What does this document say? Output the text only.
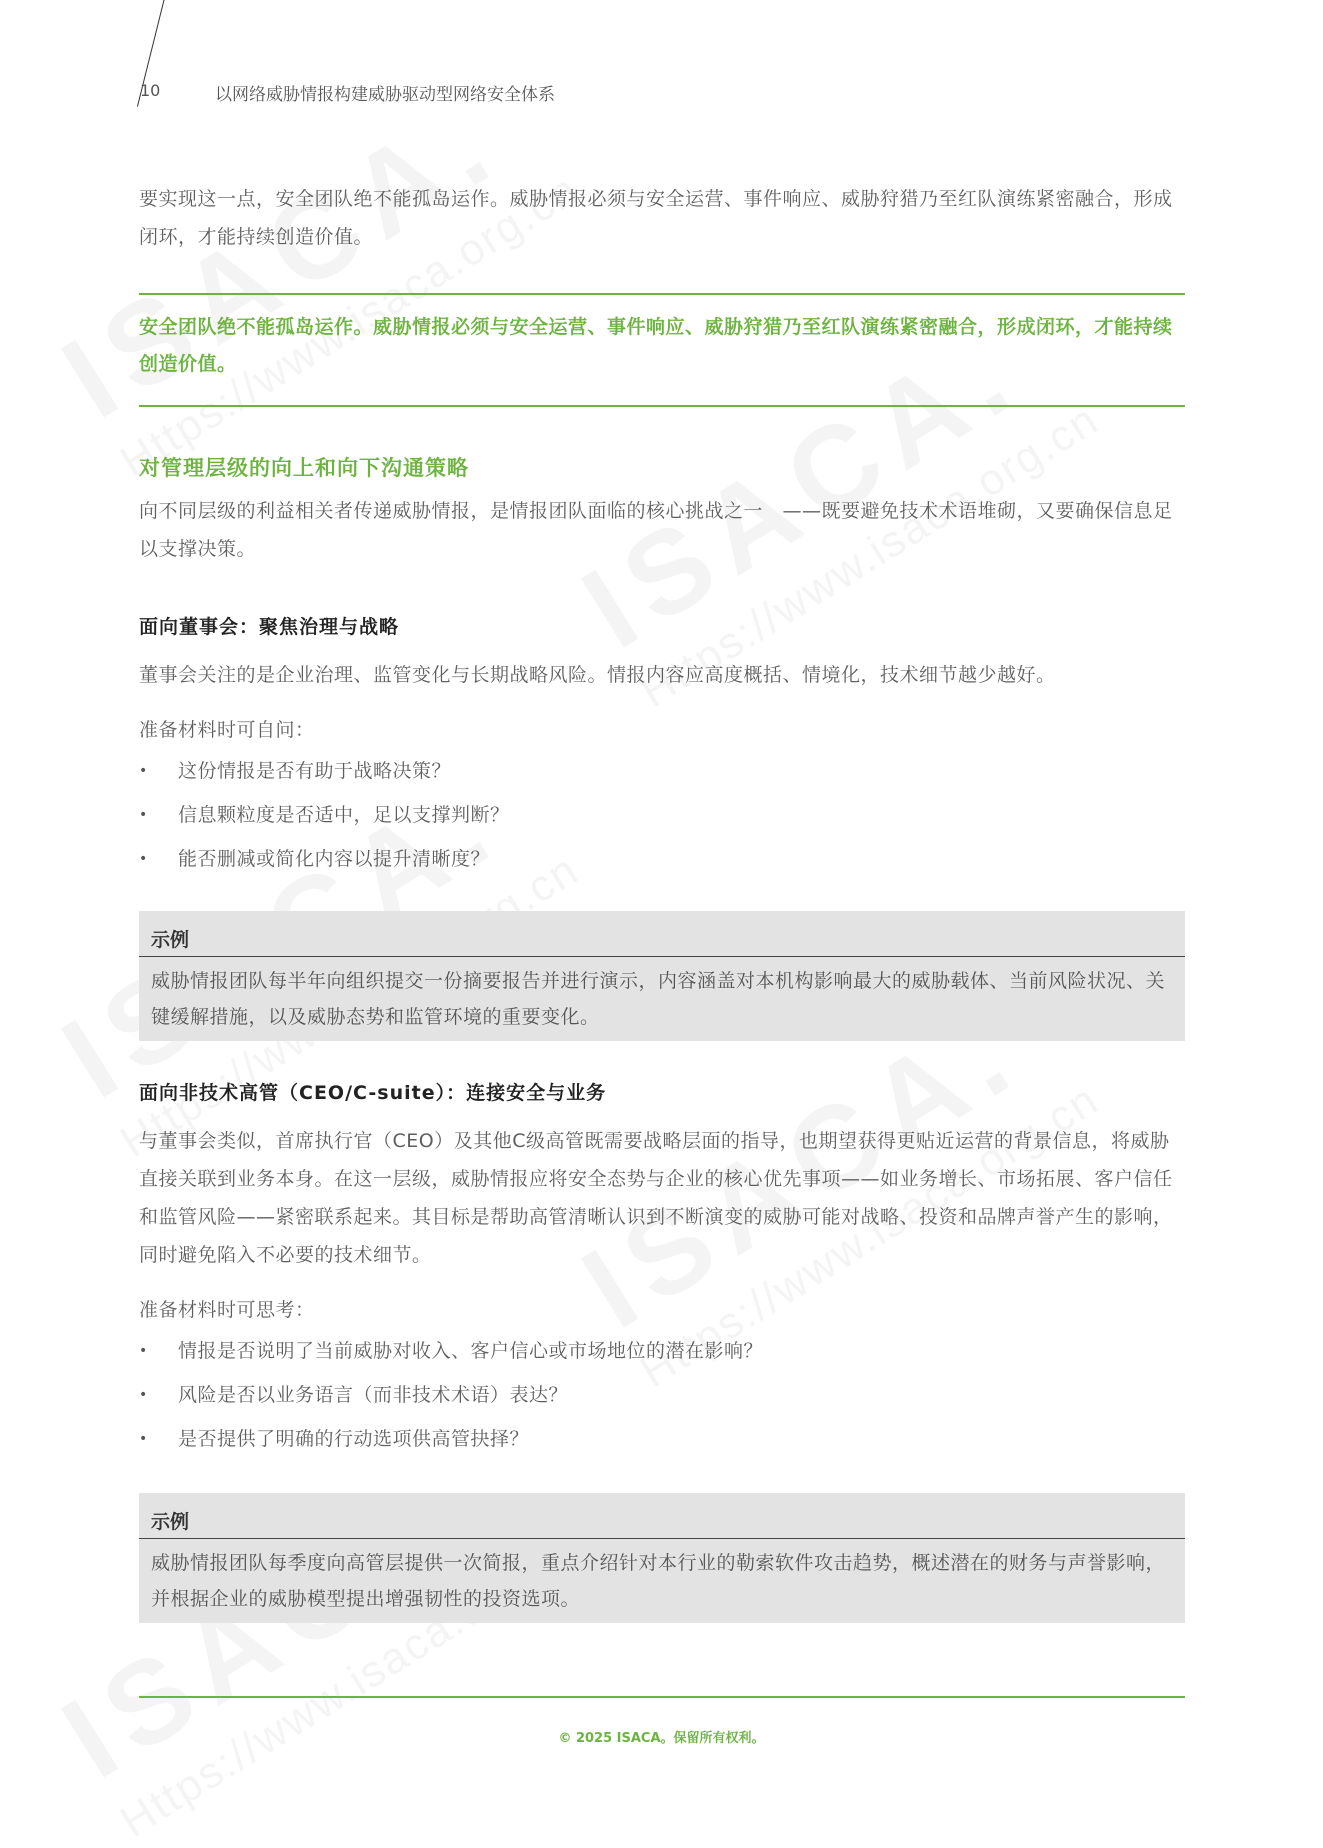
10	以网络威胁情报构建威胁驱动型网络安全体系

要实现这一点，安全团队绝不能孤岛运作。威胁情报必须与安全运营、事件响应、威胁狩猎乃至红队演练紧密融合，形成闭环，才能持续创造价值。

安全团队绝不能孤岛运作。威胁情报必须与安全运营、事件响应、威胁狩猎乃至红队演练紧密融合，形成闭环，才能持续创造价值。

对管理层级的向上和向下沟通策略

向不同层级的利益相关者传递威胁情报，是情报团队面临的核心挑战之一　——既要避免技术术语堆砌，又要确保信息足以支撑决策。

面向董事会：聚焦治理与战略

董事会关注的是企业治理、监管变化与长期战略风险。情报内容应高度概括、情境化，技术细节越少越好。

准备材料时可自问：

• 这份情报是否有助于战略决策？
• 信息颗粒度是否适中，足以支撑判断？
• 能否删减或简化内容以提升清晰度？
示例
威胁情报团队每半年向组织提交一份摘要报告并进行演示，内容涵盖对本机构影响最大的威胁载体、当前风险状况、关键缓解措施，以及威胁态势和监管环境的重要变化。
面向非技术高管（CEO/C-suite）：连接安全与业务

与董事会类似，首席执行官（CEO）及其他C级高管既需要战略层面的指导，也期望获得更贴近运营的背景信息，将威胁直接关联到业务本身。在这一层级，威胁情报应将安全态势与企业的核心优先事项——如业务增长、市场拓展、客户信任和监管风险——紧密联系起来。其目标是帮助高管清晰认识到不断演变的威胁可能对战略、投资和品牌声誉产生的影响，同时避免陷入不必要的技术细节。

准备材料时可思考：

• 情报是否说明了当前威胁对收入、客户信心或市场地位的潜在影响？
• 风险是否以业务语言（而非技术术语）表达？
• 是否提供了明确的行动选项供高管抉择？
示例
威胁情报团队每季度向高管层提供一次简报，重点介绍针对本行业的勒索软件攻击趋势，概述潜在的财务与声誉影响，并根据企业的威胁模型提出增强韧性的投资选项。
© 2025 ISACA。保留所有权利。
